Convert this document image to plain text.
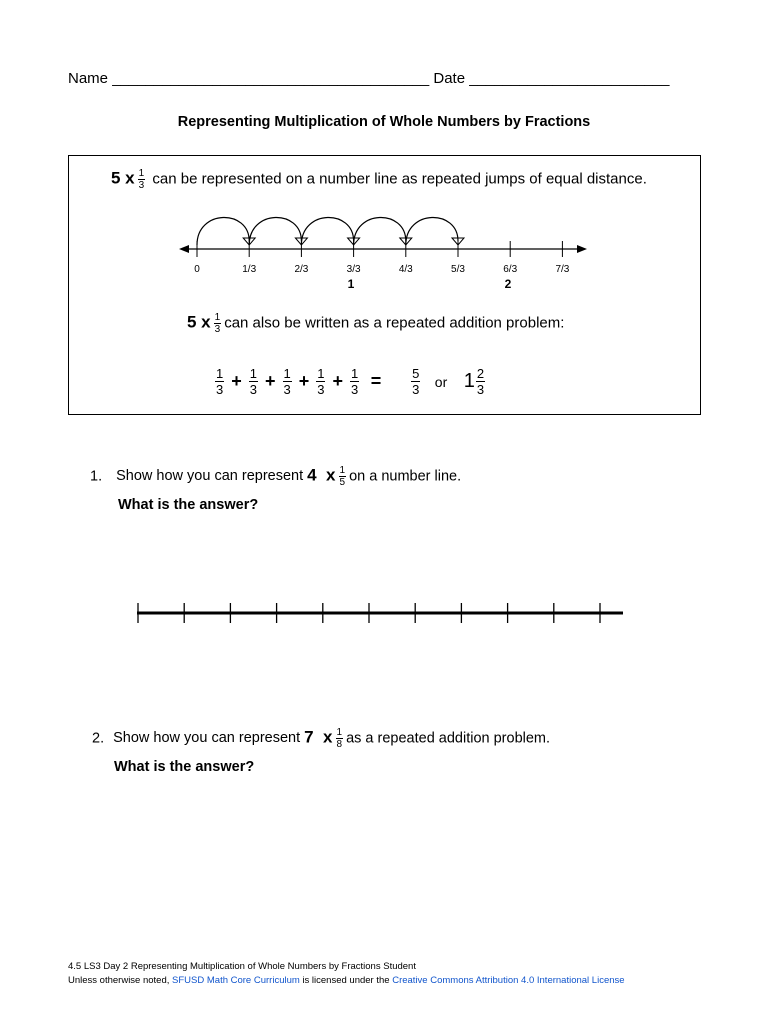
Name ______________________________________ Date ________________________
Representing Multiplication of Whole Numbers by Fractions
5 x $\frac{1}{3}$ can be represented on a number line as repeated jumps of equal distance.
0	1/3	2/3	3/3	4/3	5/3	6/3	7/3
1	2
5 x $\frac{1}{3}$ can also be written as a repeated addition problem:
$\frac{1}{3} + \frac{1}{3} + \frac{1}{3} + \frac{1}{3} + \frac{1}{3} = \frac{5}{3}$ or $1 \frac{2}{3}$
1. Show how you can represent 4  x $\frac{1}{5}$ on a number line.
What is the answer?
2. Show how you can represent 7  x $\frac{1}{8}$ as a repeated addition problem.
What is the answer?
4.5 LS3 Day 2 Representing Multiplication of Whole Numbers by Fractions Student
Unless otherwise noted, SFUSD Math Core Curriculum is licensed under the Creative Commons Attribution 4.0 International License
